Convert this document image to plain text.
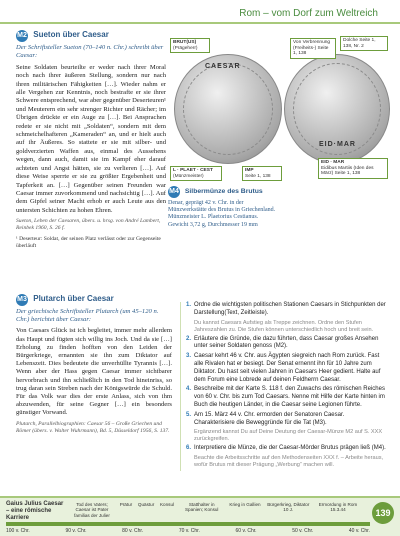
Rom – vom Dorf zum Weltreich
M2 Sueton über Caesar
Der Schriftsteller Sueton (70–140 n. Chr.) schreibt über Caesar:
Seine Soldaten beurteilte er weder nach ihrer Moral noch nach ihrer äußeren Stellung, sondern nur nach ihren militärischen Fähigkeiten […]. Wieder nahm er alle Vergehen zur Kenntnis, noch bestrafte er sie ihrer Schwere entsprechend, war aber gegenüber Deserteuren¹ und Meuterern ein sehr strenger Richter und Rächer; im Übrigen drückte er ein Auge zu […]. Bei Ansprachen redete er sie nicht mit „Soldaten“, sondern mit dem schmeichelhafteren „Kameraden“ an, und er hielt auch auf ihr Äußeres. So stattete er sie mit silber- und goldverzierten Waffen aus, einmal des Aussehens wegen, dann auch, damit sie im Kampf eher darauf achteten und Angst hätten, sie zu verlieren […]. Auf diese Weise sperrte er sie zu größter Ergebenheit und Tapferkeit an. […] Gegenüber seinen Freunden war Caesar immer zuvorkommend und nachsichtig […]. Auf dem Gipfel seiner Macht erhob er auch Leute aus den untersten Schichten zu hohen Ehren.
Sueton, Leben der Caesaren, übers. u. hrsg. von André Lambert, Reinbek 1960, S. 26 f.
¹ Deserteur: Soldat, der seinen Platz verlässt oder zur Gegenseite überläuft
CAESAR
EID·MAR
BRUT(US)
(Prägeherr)
Von Verbrennung (Freiheits-) Seite 1, 138
Dolche Seite 1, 138, Nr. 2
L · PLAET · CEST
(Münzmeister)
IMP
Seite 1, 138
EID · MAR
Eidibus Martiis (Iden des März) Seite 1, 138
M4 Silbermünze des Brutus
Denar, geprägt 42 v. Chr. in der Münzwerkstätte des Brutus in Griechenland. Münzmeister L. Plaetorius Cestianus. Gewicht 3,72 g, Durchmesser 19 mm
M3 Plutarch über Caesar
Der griechische Schriftsteller Plutarch (um 45–120 n. Chr.) berichtet über Caesar:
Von Caesars Glück ist ich begleitet, immer mehr allerdem das Haupt und fügten sich willig ins Joch. Und da sie […] Erholung zu finden hofften von den Leiden der Bürgerkriege, ernannten sie ihn zum Diktator auf Lebenszeit. Dies bedeutete die unverhüllte Tyrannis […]. Wenn aber der Hass gegen Caesar immer sichtbarer hervorbrach und ihn schließlich in den Tod hineinriss, so trug daran sein Streben nach der Königswürde die Schuld. Für das Volk war dies der erste Anlass, sich von ihm abzuwenden, für seine Gegner […] ein besonders günstiger Vorwand.
Plutarch, Parallelbiographien: Caesar 56 – Große Griechen und Römer (übers. v. Walter Wuhrmann), Bd. 5, Düsseldorf 1956, S. 137.
1. Ordne die wichtigsten politischen Stationen Caesars in Stichpunkten der Darstellung(Text, Zeitleiste).
Du kannst Caesars Aufstieg als Treppe zeichnen. Ordne den Stufen Jahreszahlen zu. Die Stufen können unterschiedlich hoch und breit sein.
2. Erläutere die Gründe, die dazu führten, dass Caesar großes Ansehen unter seiner Soldaten genoss (M2).
3. Caesar kehrt 46 v. Chr. aus Ägypten siegreich nach Rom zurück. Fast alle Rivalen hat er besiegt. Der Senat ernennt ihn für 10 Jahre zum Diktator. Du hast seit vielen Jahren in Caesars Heer gedient. Halte auf dem Forum eine Lobrede auf deinen Feldherrn Caesar.
4. Beschreibe mit der Karte S. 118 f. den Zuwachs des römischen Reiches von 60 v. Chr. bis zum Tod Caesars. Nenne mit Hilfe der Karte hinten im Buch die heutigen Länder, in die Caesar seine Legionen führte.
5. Am 15. März 44 v. Chr. ermorden der Senatoren Caesar. Charakterisiere die Beweggründe für die Tat (M3).
Ergänzend kannst Du auf Deine Deutung der Caesar-Münze M2 auf S. XXX zurückgreifen.
6. Interpretiere die Münze, die der Caesar-Mörder Brutus prägen ließ (M4).
Beachte die Arbeitsschritte auf den Methodenseiten XXX f. – Arbeite heraus, wofür Brutus mit dieser Prägung „Werbung“ machen will.
Gaius Julius Caesar – eine römische Karriere
Tod des Vaters; Caesar ist Pater familias der Julier
Prätur Quästur Konsul	Statthalter in Spanien; Konsul
Krieg in Gallien Bürgerkrieg, Diktator 10 J.
Ermordung in Rom 15.3.44
100 v. Chr.	90 v. Chr.	80 v. Chr.	70 v. Chr.	60 v. Chr.	50 v. Chr.	40 v. Chr.
139
